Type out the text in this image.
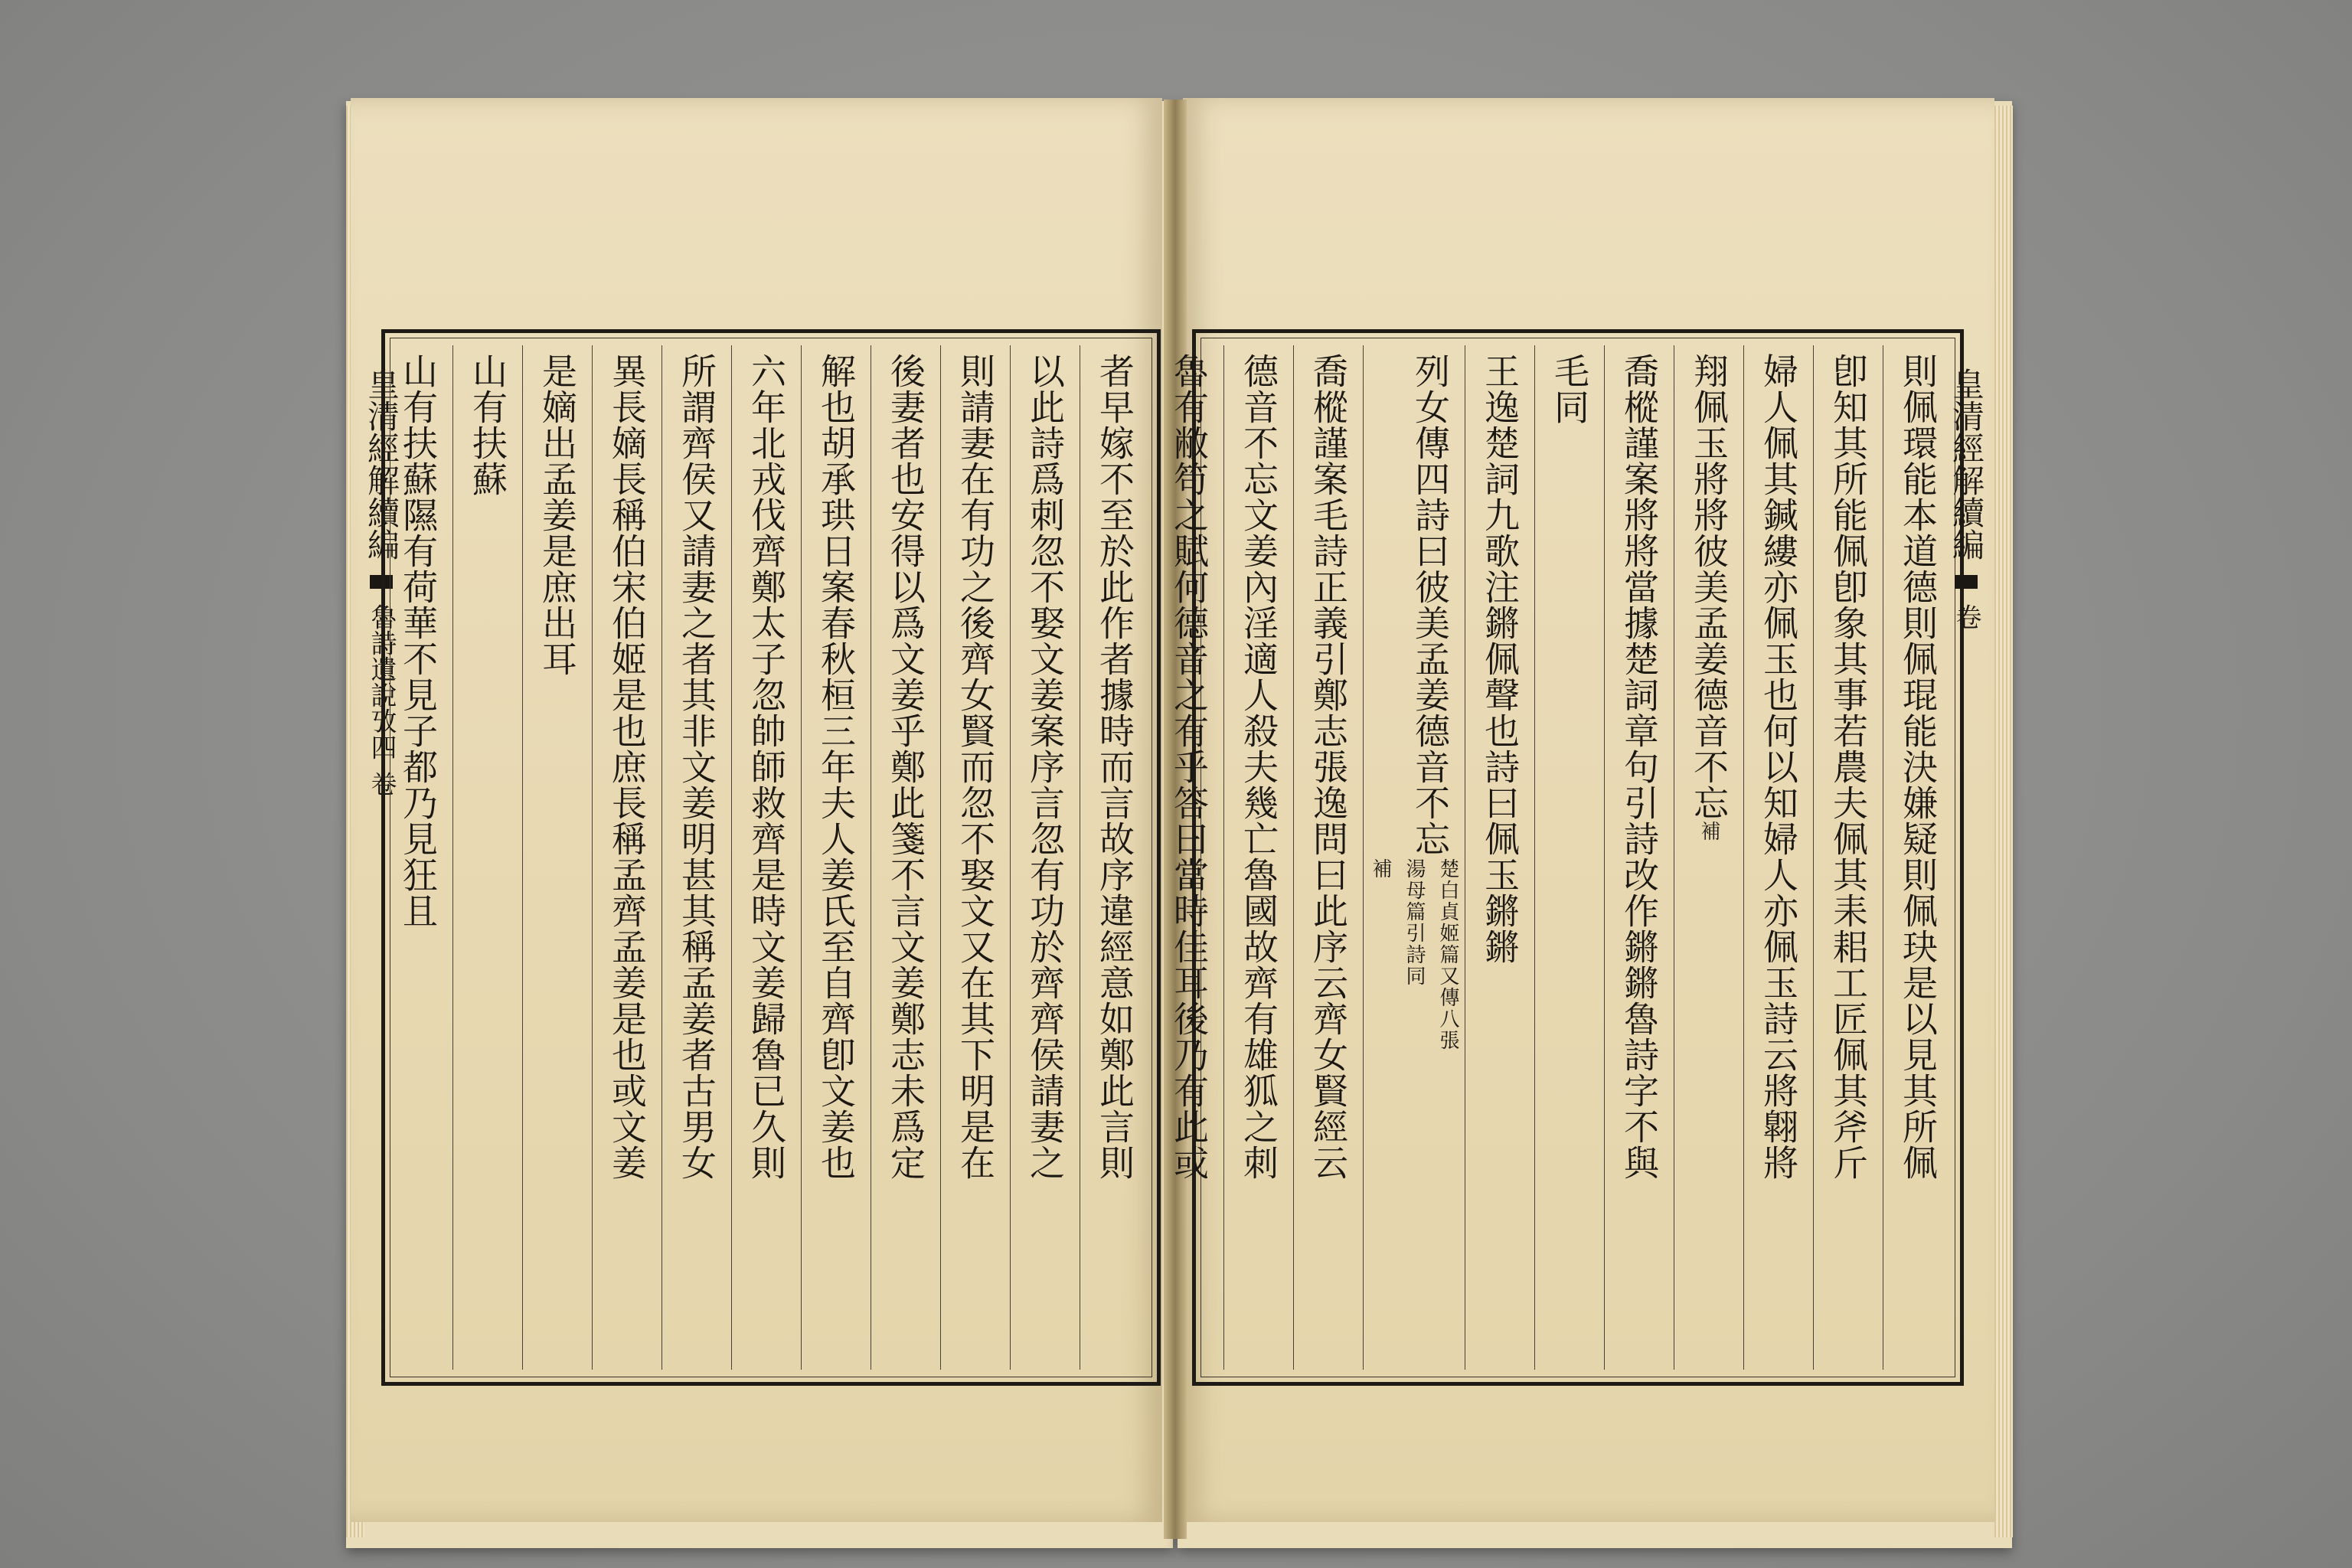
皇清經解續編  魯詩遺說攷四 卷	者早嫁不至於此作者據時而言故序違經意如鄭此言則
以此詩爲刺忽不娶文姜案序言忽有功於齊齊侯請妻之
則請妻在有功之後齊女賢而忽不娶文又在其下明是在
後妻者也安得以爲文姜乎鄭此箋不言文姜鄭志未爲定
解也胡承珙日案春秋桓三年夫人姜氏至自齊卽文姜也
六年北戎伐齊鄭太子忽帥師救齊是時文姜歸魯已久則
所謂齊侯又請妻之者其非文姜明甚其稱孟姜者古男女
異長嫡長稱伯宋伯姬是也庶長稱孟齊孟姜是也或文姜
是嫡出孟姜是庶出耳
山有扶蘇
山有扶蘇隰有荷華不見子都乃見狂且	則佩環能本道德則佩琨能決嫌疑則佩玦是以見其所佩
卽知其所能佩卽象其事若農夫佩其耒耜工匠佩其斧斤
婦人佩其鍼縷亦佩玉也何以知婦人亦佩玉詩云將翺將
翔佩玉將將彼美孟姜德音不忘補
喬樅謹案將將當據楚詞章句引詩改作鏘鏘魯詩字不與
毛同
王逸楚詞九歌注鏘佩聲也詩曰佩玉鏘鏘
列女傳四詩曰彼美孟姜德音不忘
楚白貞姬篇又傳八張
湯母篇引詩同
補
喬樅謹案毛詩正義引鄭志張逸問曰此序云齊女賢經云
德音不忘文姜內淫適人殺夫幾亡魯國故齊有雄狐之刺
魯有敝笱之賦何德音之有乎答曰當時佳耳後乃有此或	皇清經解續編  卷
